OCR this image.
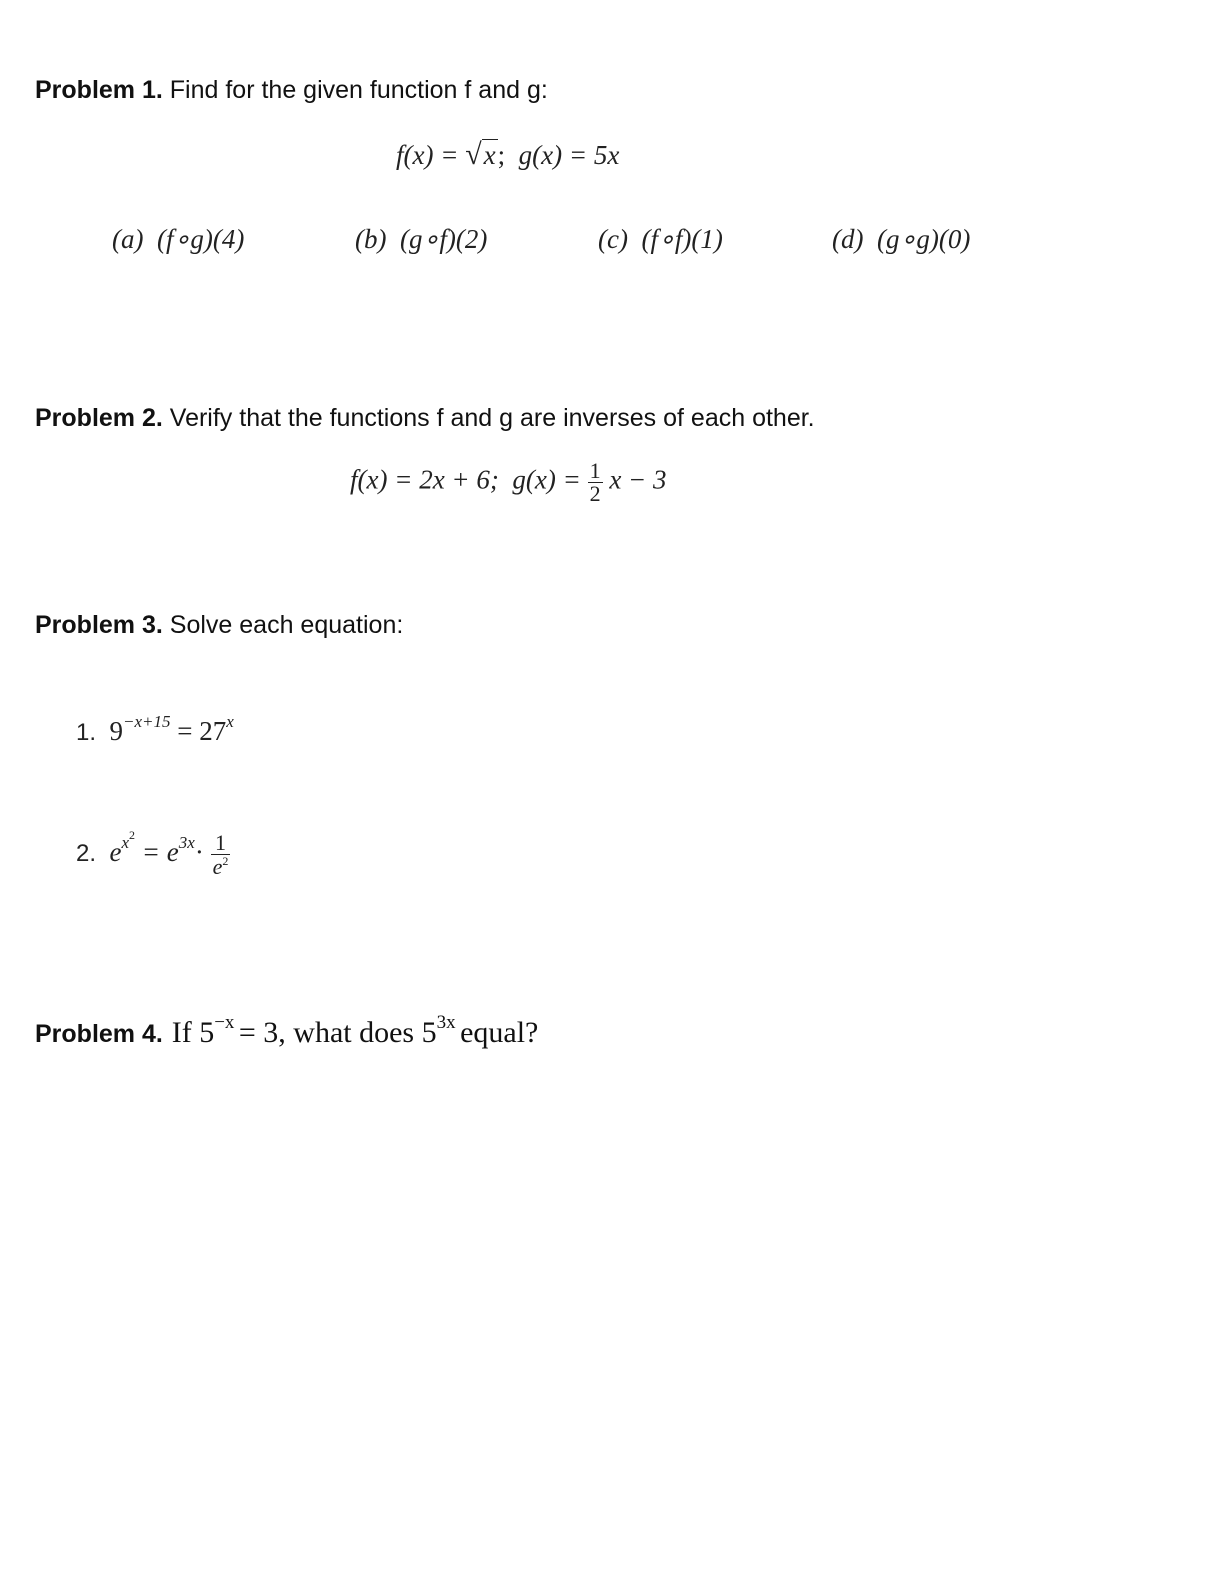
Problem 1. Find for the given function f and g:
f(x) = √x; g(x) = 5x
(a) (f∘g)(4)	(b) (g∘f)(2)	(c) (f∘f)(1)	(d) (g∘g)(0)
Problem 2. Verify that the functions f and g are inverses of each other.
f(x) = 2x + 6; $g(x) = \frac{1}{2}$ x − 3
Problem 3. Solve each equation:
1. $9^{-x+15} = 27^x$
2. $e^{x^2} = e^{3x}\cdot \frac{1}{e^2}$
Problem 4. If 5−x = 3, what does 53x equal?
